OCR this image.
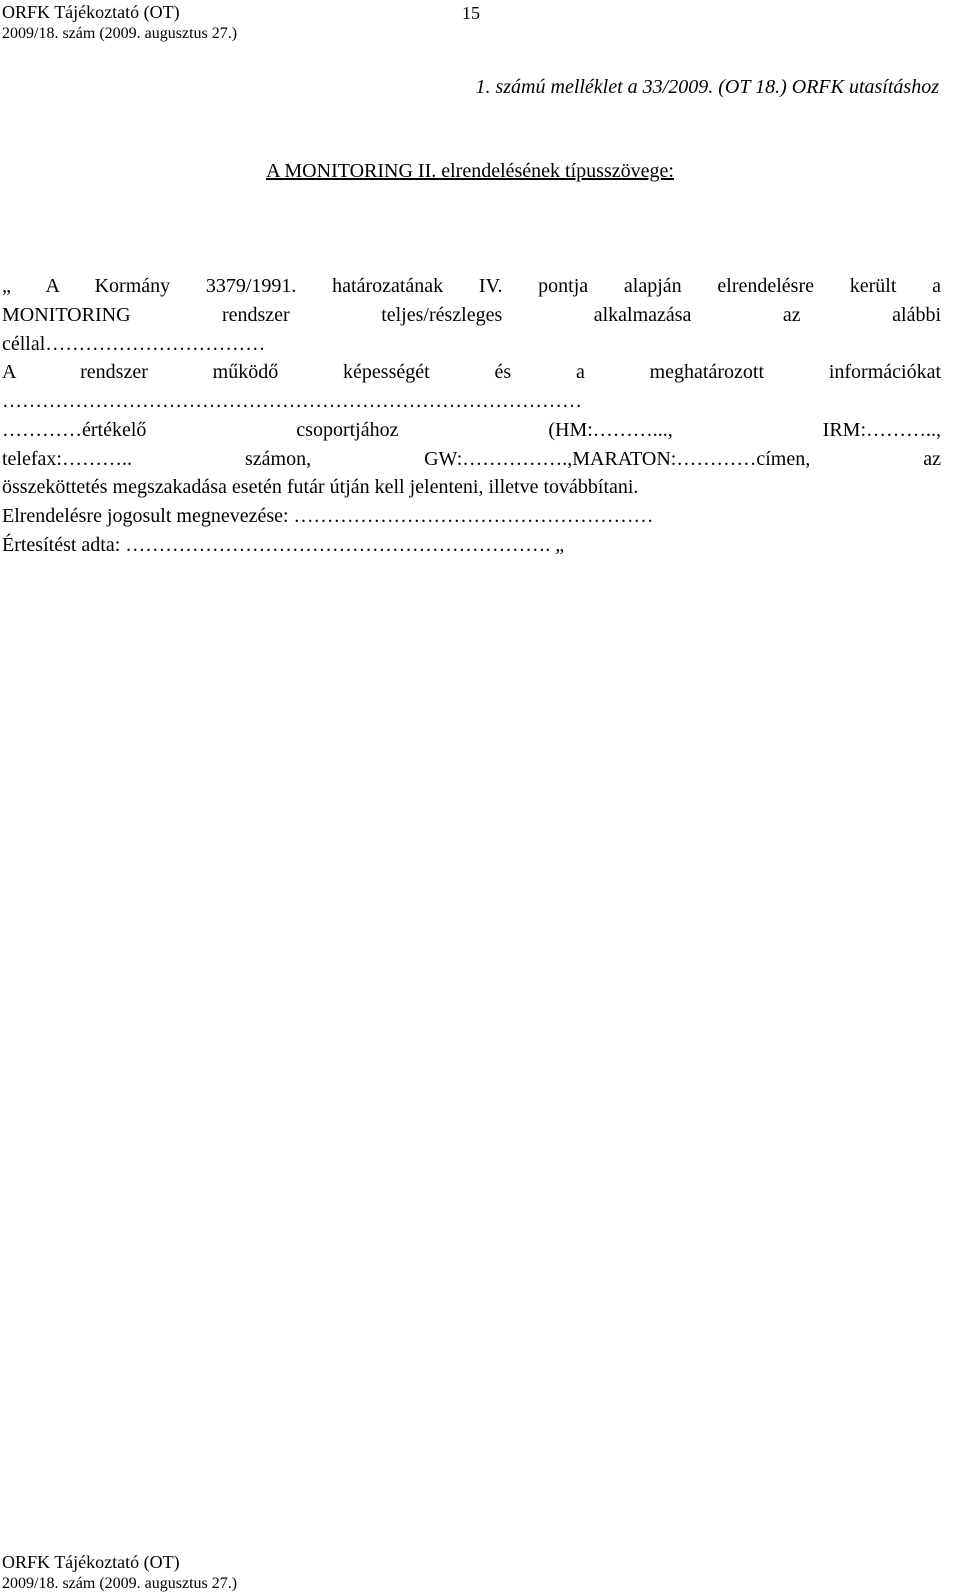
ORFK Tájékoztató (OT)
2009/18. szám (2009. augusztus 27.)
15
1. számú melléklet a 33/2009. (OT 18.) ORFK utasításhoz
A MONITORING II. elrendelésének típusszövege:
„ A Kormány 3379/1991. határozatának IV. pontja alapján elrendelésre került a
MONITORING rendszer teljes/részleges alkalmazása az alábbi
céllal……………………………
A rendszer működő képességét és a meghatározott információkat
……………………………………………………………………………
…………értékelő csoportjához (HM:………..., IRM:………..,
telefax:……….. számon, GW:…………….,MARATON:…………címen, az
összeköttetés megszakadása esetén futár útján kell jelenteni, illetve továbbítani.
Elrendelésre jogosult megnevezése: ………………………………………………
Értesítést adta: ………………………………………………………. „
ORFK Tájékoztató (OT)
2009/18. szám (2009. augusztus 27.)
